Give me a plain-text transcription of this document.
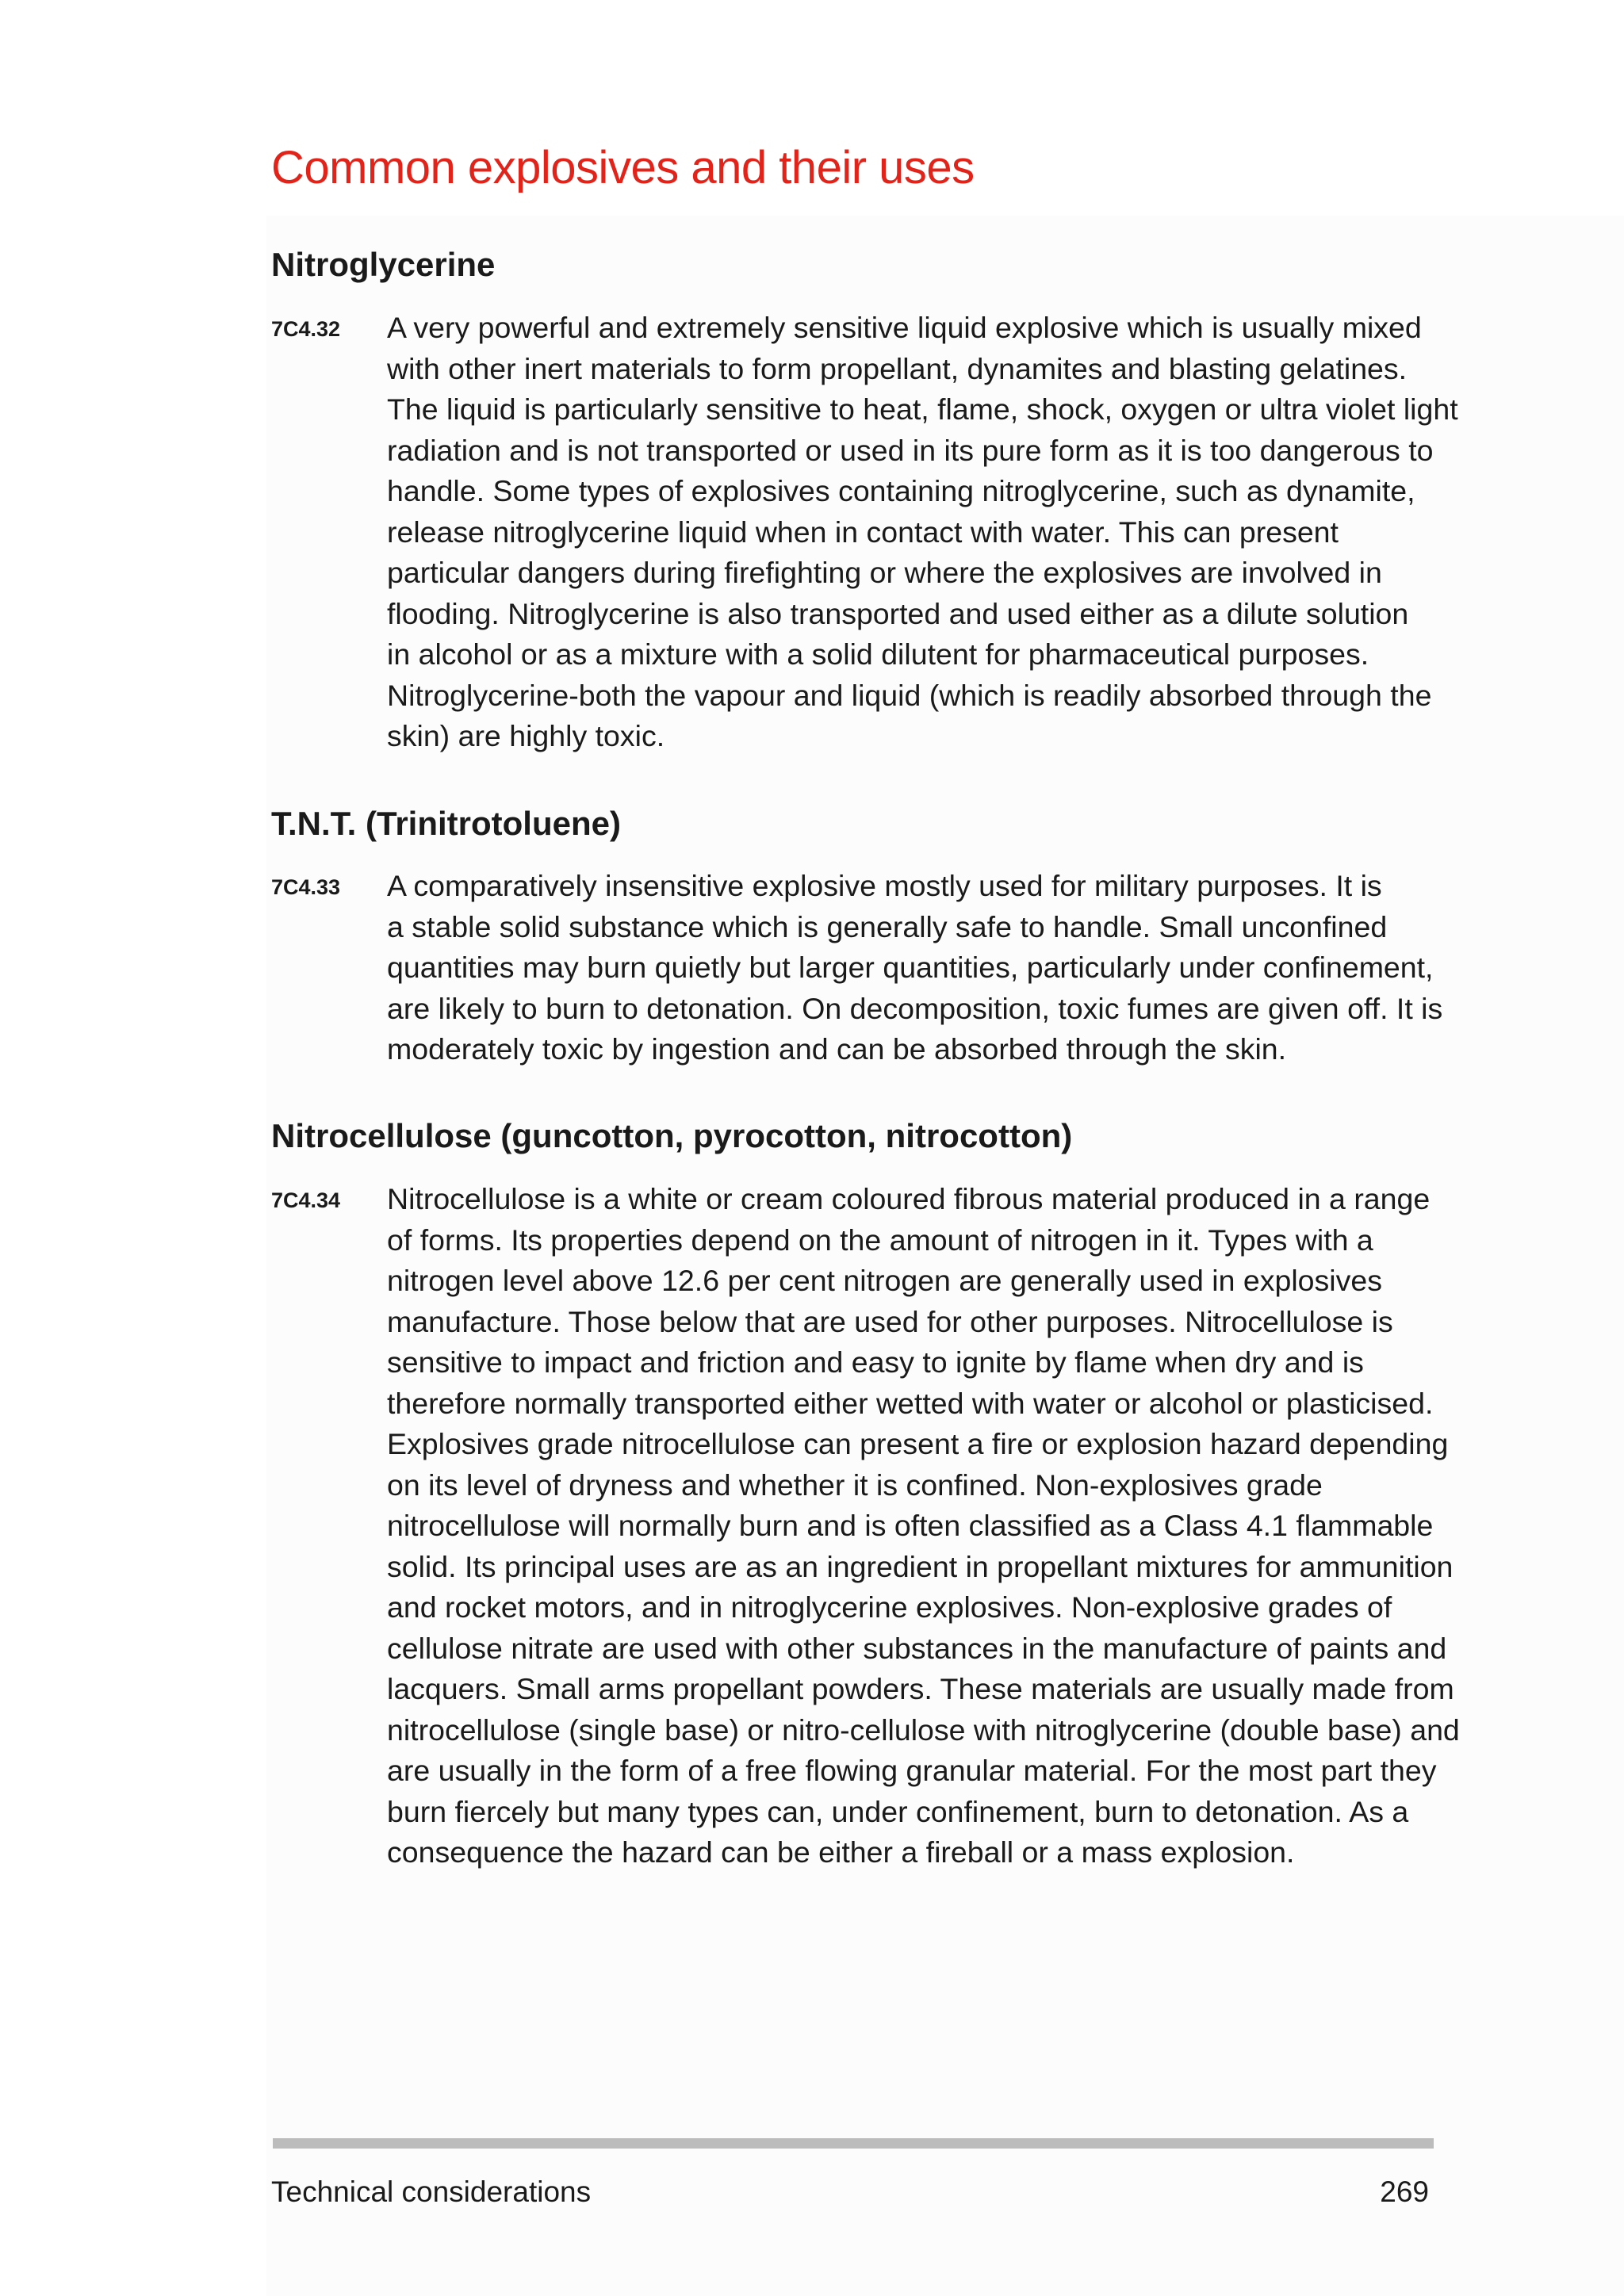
Common explosives and their uses
Nitroglycerine
7C4.32 A very powerful and extremely sensitive liquid explosive which is usually mixed
with other inert materials to form propellant, dynamites and blasting gelatines.
The liquid is particularly sensitive to heat, flame, shock, oxygen or ultra violet light
radiation and is not transported or used in its pure form as it is too dangerous to
handle. Some types of explosives containing nitroglycerine, such as dynamite,
release nitroglycerine liquid when in contact with water. This can present
particular dangers during firefighting or where the explosives are involved in
flooding. Nitroglycerine is also transported and used either as a dilute solution
in alcohol or as a mixture with a solid dilutent for pharmaceutical purposes.
Nitroglycerine-both the vapour and liquid (which is readily absorbed through the
skin) are highly toxic.
T.N.T. (Trinitrotoluene)
7C4.33 A comparatively insensitive explosive mostly used for military purposes. It is
a stable solid substance which is generally safe to handle. Small unconfined
quantities may burn quietly but larger quantities, particularly under confinement,
are likely to burn to detonation. On decomposition, toxic fumes are given off. It is
moderately toxic by ingestion and can be absorbed through the skin.
Nitrocellulose (guncotton, pyrocotton, nitrocotton)
7C4.34 Nitrocellulose is a white or cream coloured fibrous material produced in a range
of forms. Its properties depend on the amount of nitrogen in it. Types with a
nitrogen level above 12.6 per cent nitrogen are generally used in explosives
manufacture. Those below that are used for other purposes. Nitrocellulose is
sensitive to impact and friction and easy to ignite by flame when dry and is
therefore normally transported either wetted with water or alcohol or plasticised.
Explosives grade nitrocellulose can present a fire or explosion hazard depending
on its level of dryness and whether it is confined. Non-explosives grade
nitrocellulose will normally burn and is often classified as a Class 4.1 flammable
solid. Its principal uses are as an ingredient in propellant mixtures for ammunition
and rocket motors, and in nitroglycerine explosives. Non-explosive grades of
cellulose nitrate are used with other substances in the manufacture of paints and
lacquers. Small arms propellant powders. These materials are usually made from
nitrocellulose (single base) or nitro-cellulose with nitroglycerine (double base) and
are usually in the form of a free flowing granular material. For the most part they
burn fiercely but many types can, under confinement, burn to detonation. As a
consequence the hazard can be either a fireball or a mass explosion.
Technical considerations	269
